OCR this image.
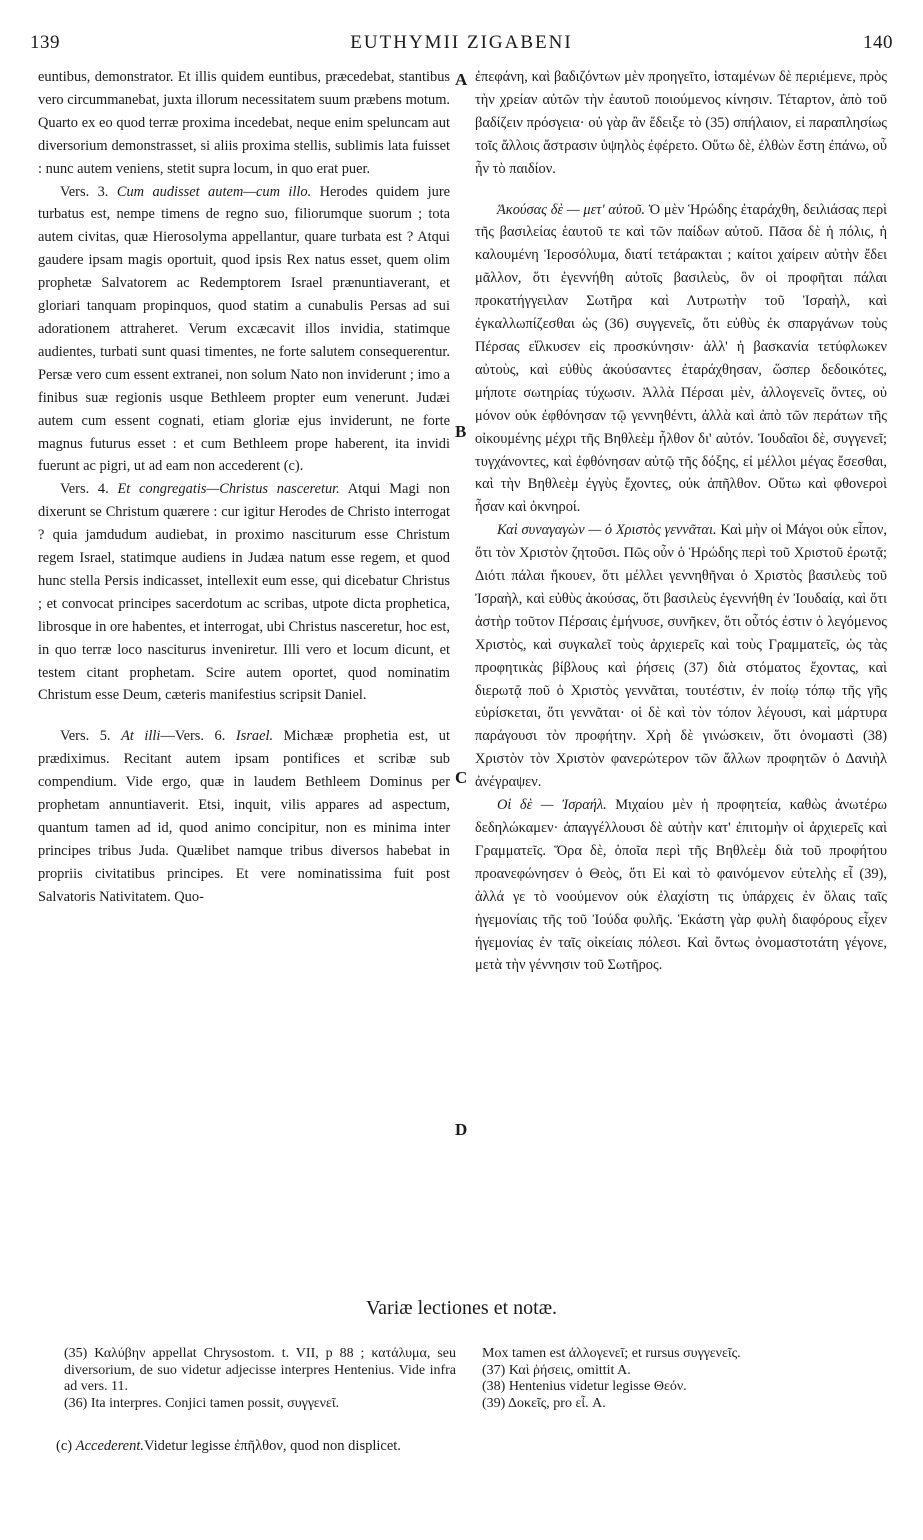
139	EUTHYMII ZIGABENI	140

euntibus, demonstrator. Et illis quidem euntibus, præcedebat, stantibus vero circummanebat, juxta illorum necessitatem suum præbens motum. Quarto ex eo quod terræ proxima incedebat, neque enim speluncam aut diversorium demonstrasset, si aliis proxima stellis, sublimis lata fuisset : nunc autem veniens, stetit supra locum, in quo erat puer.

Vers. 3. Cum audisset autem—cum illo. Herodes quidem jure turbatus est, nempe timens de regno suo, filiorumque suorum ; tota autem civitas, quæ Hierosolyma appellantur, quare turbata est ? Atqui gaudere ipsam magis oportuit, quod ipsis Rex natus esset, quem olim prophetæ Salvatorem ac Redemptorem Israel prænuntiaverant, et gloriari tanquam propinquos, quod statim a cunabulis Persas ad sui adorationem attraheret. Verum excæcavit illos invidia, statimque audientes, turbati sunt quasi timentes, ne forte salutem consequerentur. Persæ vero cum essent extranei, non solum Nato non inviderunt ; imo a finibus suæ regionis usque Bethleem propter eum venerunt. Judæi autem cum essent cognati, etiam gloriæ ejus inviderunt, ne forte magnus futurus esset : et cum Bethleem prope haberent, ita invidi fuerunt ac pigri, ut ad eam non accederent (c).

Vers. 4. Et congregatis—Christus nasceretur. Atqui Magi non dixerunt se Christum quærere : cur igitur Herodes de Christo interrogat ? quia jamdudum audiebat, in proximo nasciturum esse Christum regem Israel, statimque audiens in Judæa natum esse regem, et quod hunc stella Persis indicasset, intellexit eum esse, qui dicebatur Christus ; et convocat principes sacerdotum ac scribas, utpote dicta prophetica, librosque in ore habentes, et interrogat, ubi Christus nasceretur, hoc est, in quo terræ loco nasciturus inveniretur. Illi vero et locum dicunt, et testem citant prophetam. Scire autem oportet, quod nominatim Christum esse Deum, cæteris manifestius scripsit Daniel.

Vers. 5. At illi—Vers. 6. Israel. Michææ prophetia est, ut prædiximus. Recitant autem ipsam pontifices et scribæ sub compendium. Vide ergo, quæ in laudem Bethleem Dominus per prophetam annuntiaverit. Etsi, inquit, vilis appares ad aspectum, quantum tamen ad id, quod animo concipitur, non es minima inter principes tribus Juda. Quælibet namque tribus diversos habebat in propriis civitatibus principes. Et vere nominatissima fuit post Salvatoris Nativitatem. Quo-

ἐπεφάνη, καὶ βαδιζόντων μὲν προηγεῖτο, ἱσταμένων δὲ περιέμενε, πρὸς τὴν χρείαν αὐτῶν τὴν ἑαυτοῦ ποιούμενος κίνησιν. Τέταρτον, ἀπὸ τοῦ βαδίζειν πρόσγεια· οὐ γὰρ ἂν ἔδειξε τὸ (35) σπήλαιον, εἰ παραπλησίως τοῖς ἄλλοις ἄστρασιν ὑψηλὸς ἐφέρετο. Οὕτω δὲ, ἐλθὼν ἔστη ἐπάνω, οὗ ἦν τὸ παιδίον.

Ἀκούσας δὲ — μετ' αὐτοῦ. Ὁ μὲν Ἡρώδης ἐταράχθη, δειλιάσας περὶ τῆς βασιλείας ἑαυτοῦ τε καὶ τῶν παίδων αὐτοῦ. Πᾶσα δὲ ἡ πόλις, ἡ καλουμένη Ἱεροσόλυμα, διατί τετάρακται ; καίτοι χαίρειν αὐτὴν ἔδει μᾶλλον, ὅτι ἐγεννήθη αὐτοῖς βασιλεὺς, ὃν οἱ προφῆται πάλαι προκατήγγειλαν Σωτῆρα καὶ Λυτρωτὴν τοῦ Ἰσραὴλ, καὶ ἐγκαλλωπίζεσθαι ὡς (36) συγγενεῖς, ὅτι εὐθὺς ἐκ σπαργάνων τοὺς Πέρσας εἵλκυσεν εἰς προσκύνησιν· ἀλλ' ἡ βασκανία τετύφλωκεν αὐτοὺς, καὶ εὐθὺς ἀκούσαντες ἐταράχθησαν, ὥσπερ δεδοικότες, μήποτε σωτηρίας τύχωσιν. Ἀλλὰ Πέρσαι μὲν, ἀλλογενεῖς ὄντες, οὐ μόνον οὐκ ἐφθόνησαν τῷ γεννηθέντι, ἀλλὰ καὶ ἀπὸ τῶν περάτων τῆς οἰκουμένης μέχρι τῆς Βηθλεὲμ ἦλθον δι' αὐτόν. Ἰουδαῖοι δὲ, συγγενεῖ; τυγχάνοντες, καὶ ἐφθόνησαν αὐτῷ τῆς δόξης, εἰ μέλλοι μέγας ἔσεσθαι, καὶ τὴν Βηθλεὲμ ἐγγὺς ἔχοντες, οὐκ ἀπῆλθον. Οὕτω καὶ φθονεροὶ ἦσαν καὶ ὀκνηροί.

Καὶ συναγαγὼν — ὁ Χριστὸς γεννᾶται. Καὶ μὴν οἱ Μάγοι οὐκ εἶπον, ὅτι τὸν Χριστὸν ζητοῦσι. Πῶς οὖν ὁ Ἡρώδης περὶ τοῦ Χριστοῦ ἐρωτᾷ; Διότι πάλαι ἤκουεν, ὅτι μέλλει γεννηθῆναι ὁ Χριστὸς βασιλεὺς τοῦ Ἰσραὴλ, καὶ εὐθὺς ἀκούσας, ὅτι βασιλεὺς ἐγεννήθη ἐν Ἰουδαίᾳ, καὶ ὅτι ἀστὴρ τοῦτον Πέρσαις ἐμήνυσε, συνῆκεν, ὅτι οὗτός ἐστιν ὁ λεγόμενος Χριστὸς, καὶ συγκαλεῖ τοὺς ἀρχιερεῖς καὶ τοὺς Γραμματεῖς, ὡς τὰς προφητικὰς βίβλους καὶ ῥήσεις (37) διὰ στόματος ἔχοντας, καὶ διερωτᾷ ποῦ ὁ Χριστὸς γεννᾶται, τουτέστιν, ἐν ποίῳ τόπῳ τῆς γῆς εὑρίσκεται, ὅτι γεννᾶται· οἱ δὲ καὶ τὸν τόπον λέγουσι, καὶ μάρτυρα παράγουσι τὸν προφήτην. Χρὴ δὲ γινώσκειν, ὅτι ὀνομαστὶ (38) Χριστὸν τὸν Χριστὸν φανερώτερον τῶν ἄλλων προφητῶν ὁ Δανιὴλ ἀνέγραψεν.

Οἱ δὲ — Ἰσραήλ. Μιχαίου μὲν ἡ προφητεία, καθὼς ἀνωτέρω δεδηλώκαμεν· ἀπαγγέλλουσι δὲ αὐτὴν κατ' ἐπιτομὴν οἱ ἀρχιερεῖς καὶ Γραμματεῖς. Ὅρα δὲ, ὁποῖα περὶ τῆς Βηθλεὲμ διὰ τοῦ προφήτου προανεφώνησεν ὁ Θεὸς, ὅτι Εἰ καὶ τὸ φαινόμενον εὐτελὴς εἶ (39), ἀλλά γε τὸ νοούμενον οὐκ ἐλαχίστη τις ὑπάρχεις ἐν ὅλαις ταῖς ἡγεμονίαις τῆς τοῦ Ἰούδα φυλῆς. Ἑκάστη γὰρ φυλὴ διαφόρους εἶχεν ἡγεμονίας ἐν ταῖς οἰκείαις πόλεσι. Καὶ ὄντως ὀνομαστοτάτη γέγονε, μετὰ τὴν γέννησιν τοῦ Σωτῆρος.

A
B
C
D
Variæ lectiones et notæ.
(35) Καλύβην appellat Chrysostom. t. VII, p 88 ; κατάλυμα, seu diversorium, de suo videtur adjecisse interpres Hentenius. Vide infra ad vers. 11.
(36) Ita interpres. Conjici tamen possit, συγγενεῖ.
Mox tamen est ἀλλογενεῖ; et rursus συγγενεῖς.
(37) Καὶ ῥήσεις, omittit A.
(38) Hentenius videtur legisse Θεόν.
(39) Δοκεῖς, pro εἶ. A.
(c) Accederent.Videtur legisse ἐπῆλθον, quod non displicet.
